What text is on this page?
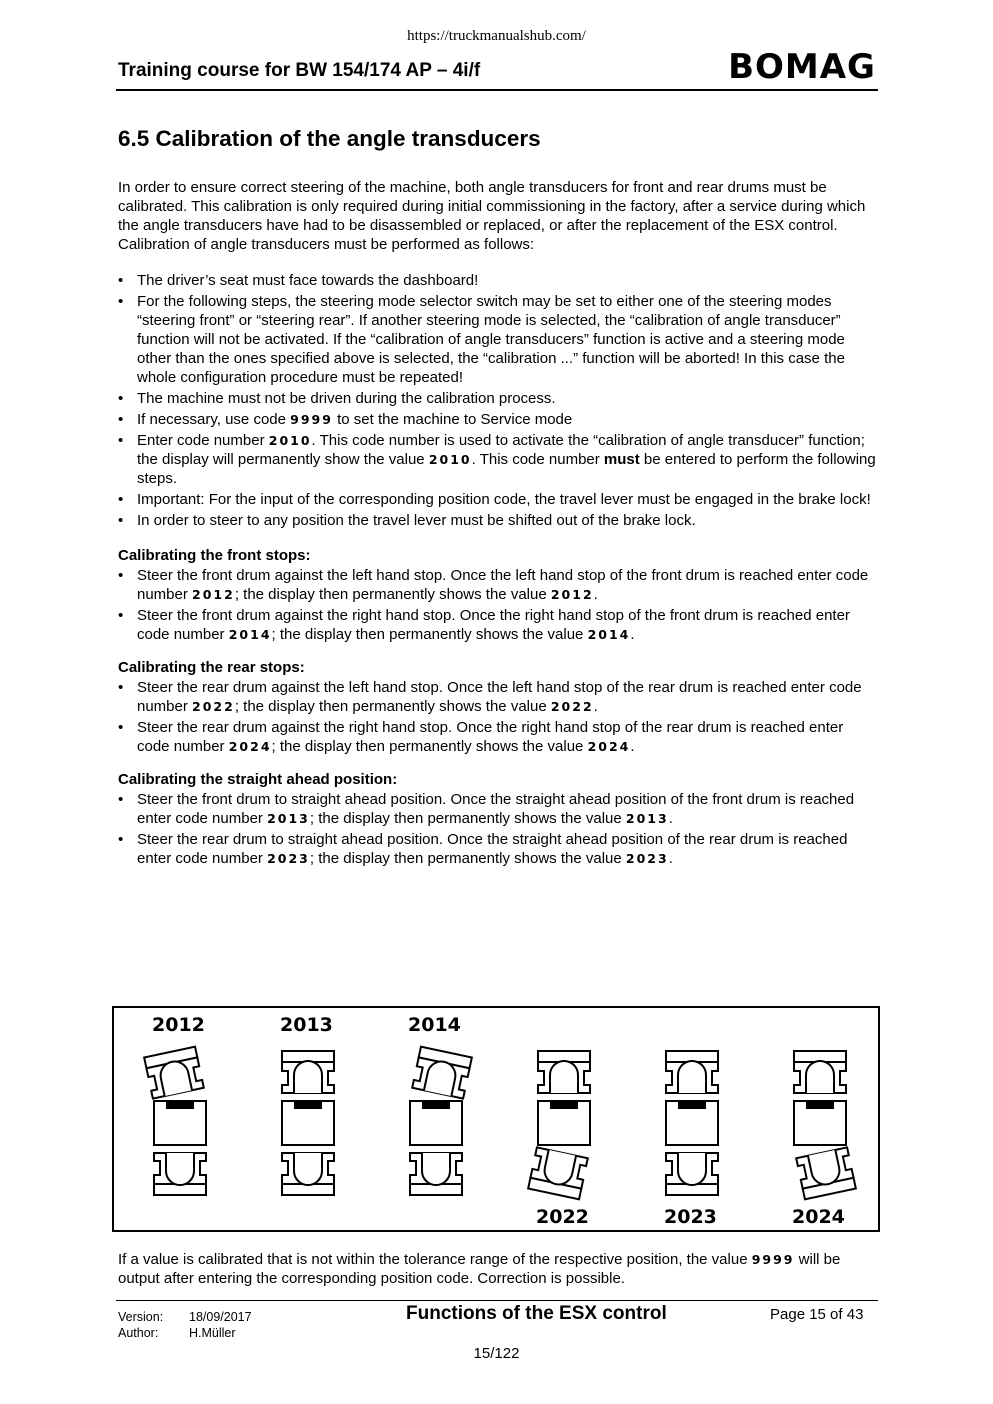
https://truckmanualshub.com/
Training course for BW 154/174 AP – 4i/f	BOMAG
6.5 Calibration of the angle transducers

In order to ensure correct steering of the machine, both angle transducers for front and rear drums must be calibrated. This calibration is only required during initial commissioning in the factory, after a service during which the angle transducers have had to be disassembled or replaced, or after the replacement of the ESX control.

Calibration of angle transducers must be performed as follows:

• The driver’s seat must face towards the dashboard!
• For the following steps, the steering mode selector switch may be set to either one of the steering modes “steering front” or “steering rear”. If another steering mode is selected, the “calibration of angle transducer” function will not be activated. If the “calibration of angle transducers” function is active and a steering mode other than the ones specified above is selected, the “calibration ...” function will be aborted! In this case the whole configuration procedure must be repeated!
• The machine must not be driven during the calibration process.
• If necessary, use code 9999 to set the machine to Service mode
• Enter code number 2010. This code number is used to activate the “calibration of angle transducer” function; the display will permanently show the value 2010. This code number must be entered to perform the following steps.
• Important: For the input of the corresponding position code, the travel lever must be engaged in the brake lock!
• In order to steer to any position the travel lever must be shifted out of the brake lock.
Calibrating the front stops:
• Steer the front drum against the left hand stop. Once the left hand stop of the front drum is reached enter code number 2012; the display then permanently shows the value 2012.
• Steer the front drum against the right hand stop. Once the right hand stop of the front drum is reached enter code number 2014; the display then permanently shows the value 2014.
Calibrating the rear stops:
• Steer the rear drum against the left hand stop. Once the left hand stop of the rear drum is reached enter code number 2022; the display then permanently shows the value 2022.
• Steer the rear drum against the right hand stop. Once the right hand stop of the rear drum is reached enter code number 2024; the display then permanently shows the value 2024.
Calibrating the straight ahead position:
• Steer the front drum to straight ahead position. Once the straight ahead position of the front drum is reached enter code number 2013; the display then permanently shows the value 2013.
• Steer the rear drum to straight ahead position. Once the straight ahead position of the rear drum is reached enter code number 2023; the display then permanently shows the value 2023.
2012	2013	2014
2022	2023	2024
If a value is calibrated that is not within the tolerance range of the respective position, the value 9999 will be output after entering the corresponding position code. Correction is possible.
Version: 18/09/2017
Author: H.Müller
Functions of the ESX control	Page 15 of 43
15/122
